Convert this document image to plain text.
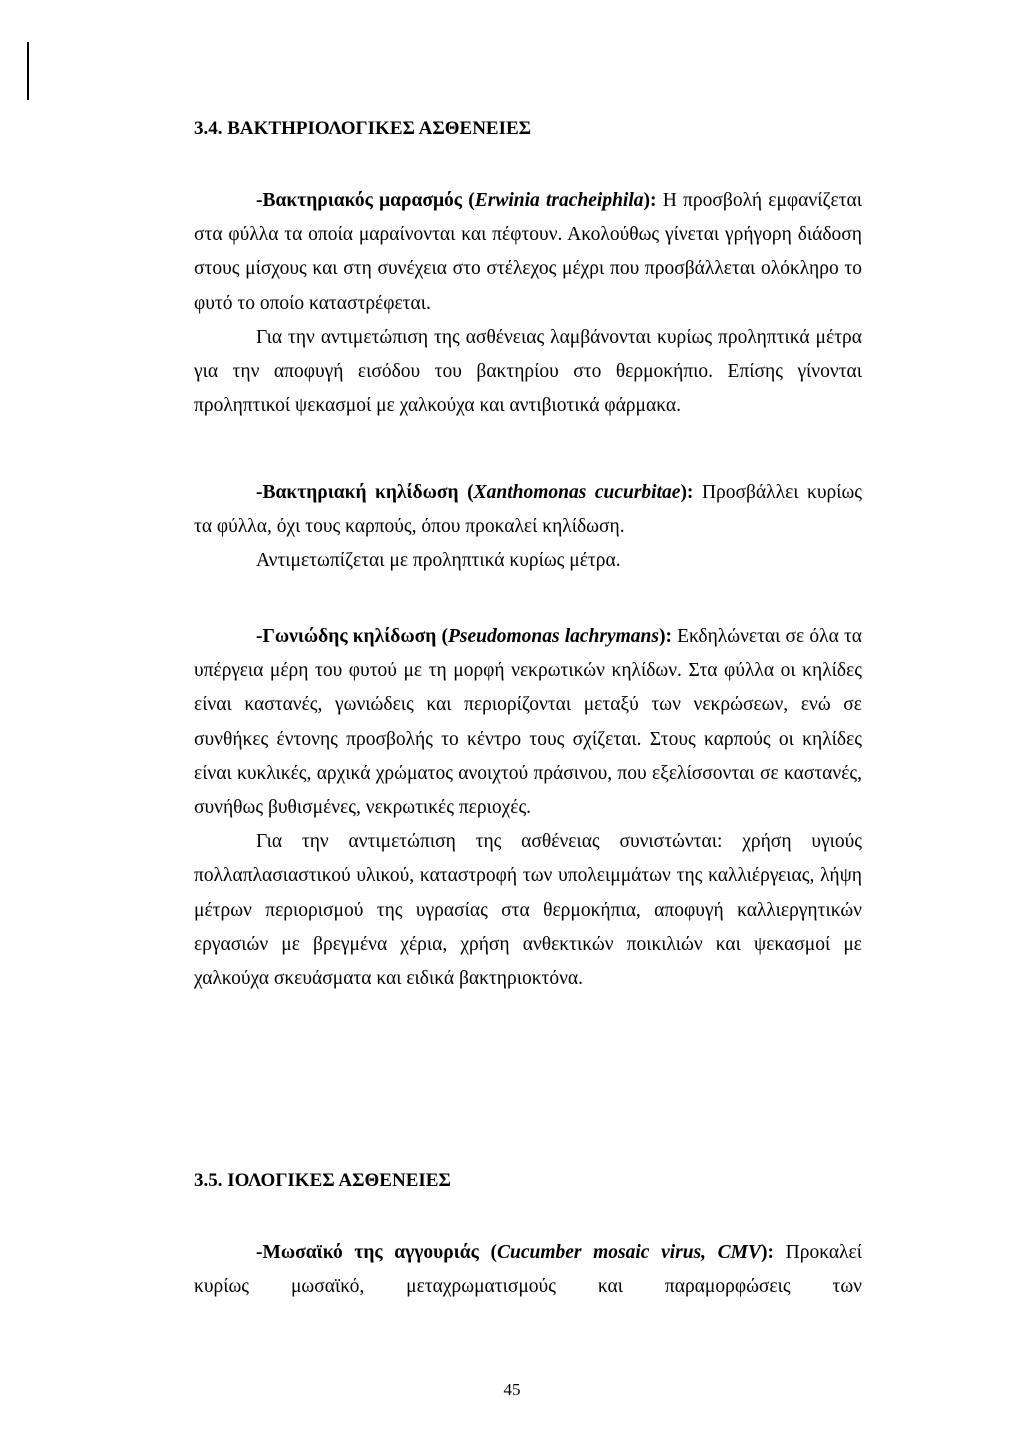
3.4. ΒΑΚΤΗΡΙΟΛΟΓΙΚΕΣ ΑΣΘΕΝΕΙΕΣ

-Βακτηριακός μαρασμός (Erwinia tracheiphila): Η προσβολή εμφανίζεται στα φύλλα τα οποία μαραίνονται και πέφτουν. Ακολούθως γίνεται γρήγορη διάδοση στους μίσχους και στη συνέχεια στο στέλεχος μέχρι που προσβάλλεται ολόκληρο το φυτό το οποίο καταστρέφεται.

Για την αντιμετώπιση της ασθένειας λαμβάνονται κυρίως προληπτικά μέτρα για την αποφυγή εισόδου του βακτηρίου στο θερμοκήπιο. Επίσης γίνονται προληπτικοί ψεκασμοί με χαλκούχα και αντιβιοτικά φάρμακα.

-Βακτηριακή κηλίδωση (Xanthomonas cucurbitae): Προσβάλλει κυρίως τα φύλλα, όχι τους καρπούς, όπου προκαλεί κηλίδωση.

Αντιμετωπίζεται με προληπτικά κυρίως μέτρα.

-Γωνιώδης κηλίδωση (Pseudomonas lachrymans): Εκδηλώνεται σε όλα τα υπέργεια μέρη του φυτού με τη μορφή νεκρωτικών κηλίδων. Στα φύλλα οι κηλίδες είναι καστανές, γωνιώδεις και περιορίζονται μεταξύ των νεκρώσεων, ενώ σε συνθήκες έντονης προσβολής το κέντρο τους σχίζεται. Στους καρπούς οι κηλίδες είναι κυκλικές, αρχικά χρώματος ανοιχτού πράσινου, που εξελίσσονται σε καστανές, συνήθως βυθισμένες, νεκρωτικές περιοχές.

Για την αντιμετώπιση της ασθένειας συνιστώνται: χρήση υγιούς πολλαπλασιαστικού υλικού, καταστροφή των υπολειμμάτων της καλλιέργειας, λήψη μέτρων περιορισμού της υγρασίας στα θερμοκήπια, αποφυγή καλλιεργητικών εργασιών με βρεγμένα χέρια, χρήση ανθεκτικών ποικιλιών και ψεκασμοί με χαλκούχα σκευάσματα και ειδικά βακτηριοκτόνα.

3.5. ΙΟΛΟΓΙΚΕΣ ΑΣΘΕΝΕΙΕΣ

-Μωσαϊκό της αγγουριάς (Cucumber mosaic virus, CMV): Προκαλεί κυρίως μωσαϊκό, μεταχρωματισμούς και παραμορφώσεις των

45
